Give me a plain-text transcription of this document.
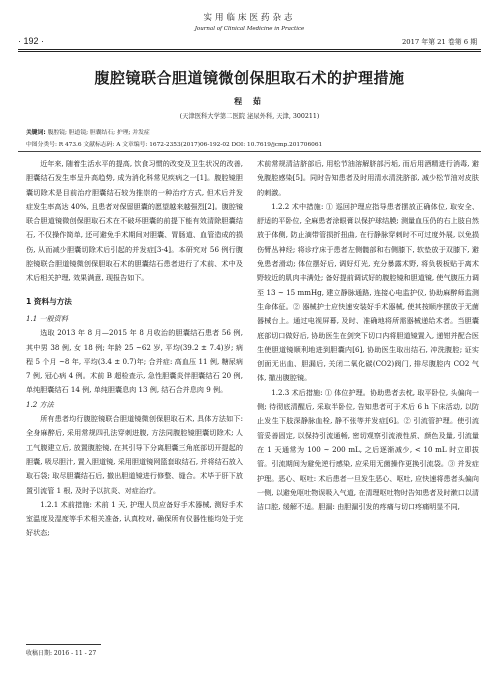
实用临床医药杂志
Journal of Clinical Medicine in Practice
· 192 ·	2017 年第 21 卷第 6 期
腹腔镜联合胆道镜微创保胆取石术的护理措施
程 茹
(天津医科大学第二医院 泌尿外科, 天津, 300211)
关键词: 腹腔镜; 胆道镜; 胆囊结石; 护理; 并发症
中图分类号: R 473.6 文献标志码: A 文章编号: 1672-2353(2017)06-192-02 DOI: 10.7619/jcmp.201706061

近年来, 随着生活水平的提高, 饮食习惯的改变及卫生状况的改善, 胆囊结石发生率呈升高趋势, 成为消化科常见疾病之一[1]。腹腔镜胆囊切除术是目前治疗胆囊结石较为推崇的一种治疗方式, 但术后并发症发生率高达 40%, 且患者对保留胆囊的愿望越来越强烈[2]。腹腔镜联合胆道镜微创保胆取石术在不破坏胆囊的前提下能有效清除胆囊结石, 不仅操作简单, 还可避免手术期间对胆囊、胃肠道、血管造成的损伤, 从而减少胆囊切除术后引起的并发症[3-4]。本研究对 56 例行腹腔镜联合胆道镜微创保胆取石术的胆囊结石患者进行了术前、术中及术后相关护理, 效果满意, 现报告如下。

1 资料与方法
1.1 一般资料

选取 2013 年 8 月—2015 年 8 月收治的胆囊结石患者 56 例, 其中男 38 例, 女 18 例; 年龄 25 ~62 岁, 平均(39.2 ± 7.4)岁; 病程 5 个月 ~8 年, 平均(3.4 ± 0.7)年; 合并症: 高血压 11 例, 糖尿病 7 例, 冠心病 4 例。术前 B 超检查示, 急性胆囊炎伴胆囊结石 20 例, 单纯胆囊结石 14 例, 单纯胆囊息肉 13 例, 结石合并息肉 9 例。

1.2 方法

所有患者均行腹腔镜联合胆道镜微创保胆取石术, 具体方法如下: 全身麻醉后, 采用常规四孔法穿刺进腹, 方法同腹腔镜胆囊切除术; 人工气腹建立后, 放置腹腔镜, 在其引导下分离胆囊三角底部切开提起的胆囊, 吸尽胆汁, 置入胆道镜, 采用胆道镜网篮套取结石, 并将结石放入取石袋; 取尽胆囊结石后, 撤出胆道镜进行修整、缝合。术毕于肝下放置引流管 1 根, 及时予以抗炎、对症治疗。

1.2.1 术前措施: 术前 1 天, 护理人员应备好手术器械, 测好手术室温度及湿度等手术相关准备, 认真校对, 确保所有仪器性能均处于完好状态;

术前常规清洁脐部后, 用松节油溶解脐部污垢, 而后用酒精进行消毒, 避免腹腔感染[5]。同时告知患者及时用清水清洗脐部, 减少松节油对皮肤的刺激。

1.2.2 术中措施: ① 巡回护理应指导患者摆放正确体位, 取安全、舒适的平卧位, 全麻患者涂眼膏以保护球结膜; 测量血压仍的右上肢自然放于体侧, 防止滴带管损折扭曲, 在行静脉穿刺时不可过度外展, 以免损伤臂丛神经; 将诊疗床于患者左侧髋部和右侧膝下, 软垫放于双膝下, 避免患者滑动; 体位摆好后, 调好灯光, 充分暴露术野, 将负极板贴于离术野较近的肌肉丰满处; 备好提前调试好的腹腔镜和胆道镜, 使气腹压力调至 13 ~ 15 mmHg, 建立静脉通路, 连接心电监护仪, 协助麻醉师监测生命体征。② 器械护士应快速安装好手术器械, 使其按顺序摆放于无菌器械台上。通过电视屏幕, 及时、准确地将所需器械递给术者。当胆囊底部切口做好后, 协助医生在剑突下切口内将胆道镜置入, 递钳并配合医生使胆道镜顺利地进到胆囊内[6], 协助医生取出结石, 冲洗腹腔; 证实创面无出血、胆漏后, 关闭二氧化碳(CO2)阀门, 排尽腹腔内 CO2 气体, 撤出腹腔镜。

1.2.3 术后措施: ① 体位护理。协助患者去枕, 取平卧位, 头偏向一侧; 待彻底清醒后, 采取半卧位, 告知患者可于术后 6 h 下床活动, 以防止发生下肢深静脉血栓, 静不张等并发症[6]。② 引流管护理。使引流管妥善固定, 以保持引流通畅, 密切观察引流液性质、颜色及量, 引流量在 1 天通常为 100 ~ 200 mL, 之后逐渐减少, < 10 mL 时立即拔管。引流期间为避免逆行感染, 应采用无菌操作更换引流袋。③ 并发症护理。恶心、呕吐: 术后患者一旦发生恶心、呕吐, 应快速将患者头偏向一侧, 以避免呕吐物误吸入气道, 在清理呕吐物时告知患者及时漱口以清洁口腔, 缓解不适。胆漏: 由胆漏引发的疼痛与切口疼痛明显不同,

收稿日期: 2016 - 11 - 27
